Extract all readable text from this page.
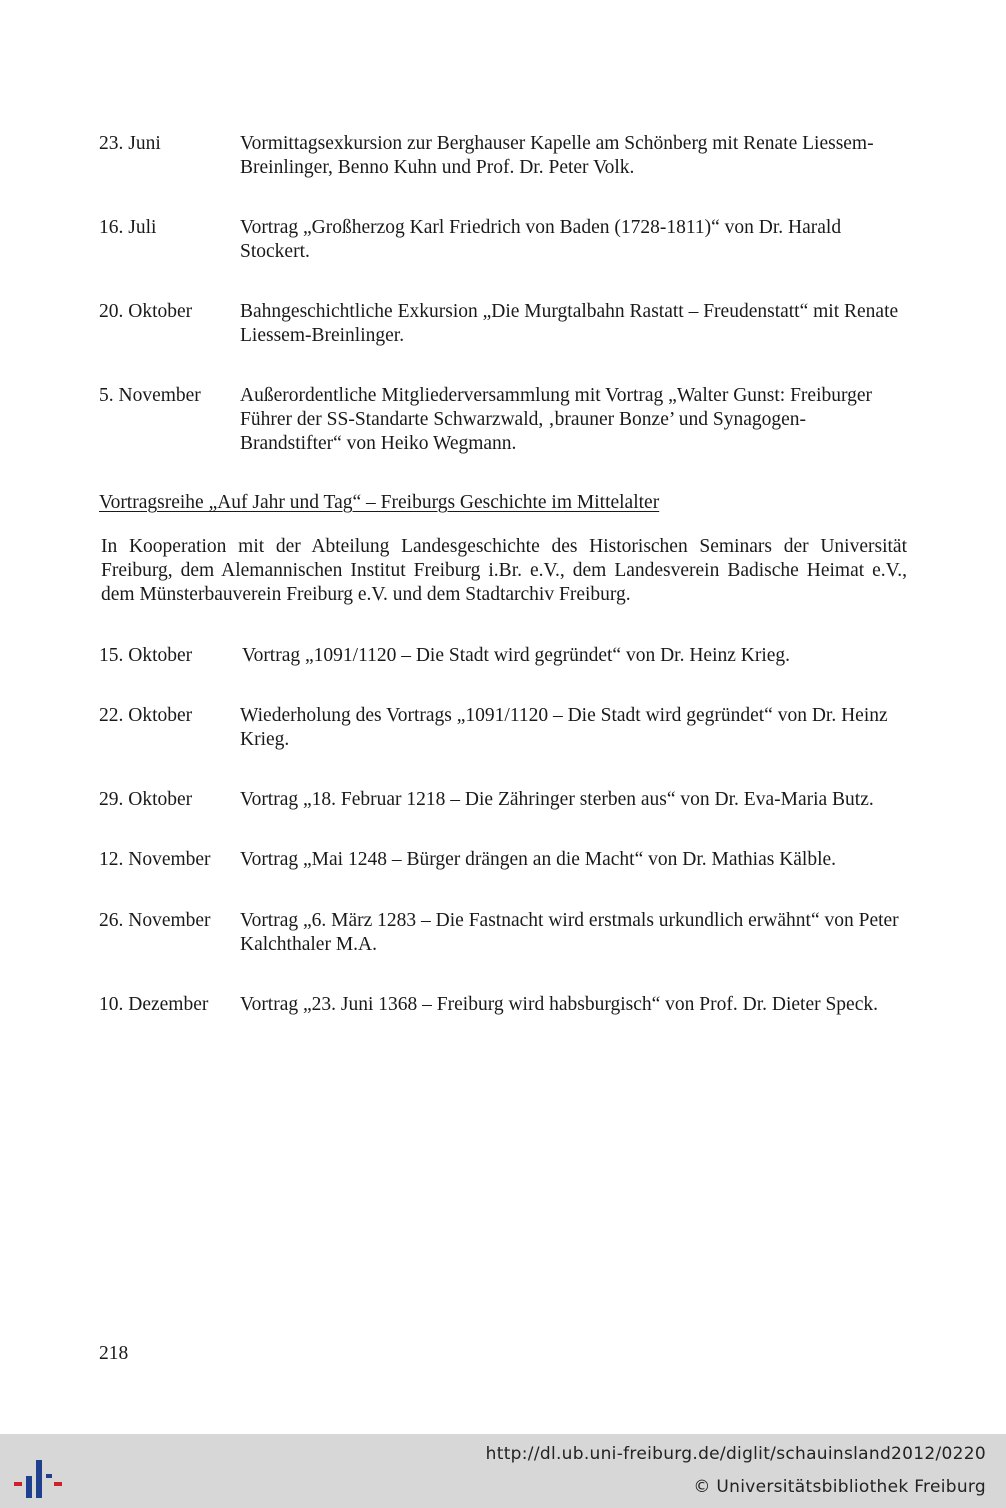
23. Juni	Vormittagsexkursion zur Berghauser Kapelle am Schönberg mit Renate Liessem-Breinlinger, Benno Kuhn und Prof. Dr. Peter Volk.
16. Juli	Vortrag „Großherzog Karl Friedrich von Baden (1728-1811)“ von Dr. Harald Stockert.
20. Oktober	Bahngeschichtliche Exkursion „Die Murgtalbahn Rastatt – Freudenstatt“ mit Renate Liessem-Breinlinger.
5. November	Außerordentliche Mitgliederversammlung mit Vortrag „Walter Gunst: Freiburger Führer der SS-Standarte Schwarzwald, ‚brauner Bonze’ und Synagogen-Brandstifter“ von Heiko Wegmann.
Vortragsreihe „Auf Jahr und Tag“ – Freiburgs Geschichte im Mittelalter
In Kooperation mit der Abteilung Landesgeschichte des Historischen Seminars der Universität Freiburg, dem Alemannischen Institut Freiburg i.Br. e.V., dem Landesverein Badische Heimat e.V., dem Münsterbauverein Freiburg e.V. und dem Stadtarchiv Freiburg.
15. Oktober	Vortrag „1091/1120 – Die Stadt wird gegründet“ von Dr. Heinz Krieg.
22. Oktober	Wiederholung des Vortrags „1091/1120 – Die Stadt wird gegründet“ von Dr. Heinz Krieg.
29. Oktober	Vortrag „18. Februar 1218 – Die Zähringer sterben aus“ von Dr. Eva-Maria Butz.
12. November	Vortrag „Mai 1248 – Bürger drängen an die Macht“ von Dr. Mathias Kälble.
26. November	Vortrag „6. März 1283 – Die Fastnacht wird erstmals urkundlich erwähnt“ von Peter Kalchthaler M.A.
10. Dezember	Vortrag „23. Juni 1368 – Freiburg wird habsburgisch“ von Prof. Dr. Dieter Speck.
218
http://dl.ub.uni-freiburg.de/diglit/schauinsland2012/0220
© Universitätsbibliothek Freiburg
